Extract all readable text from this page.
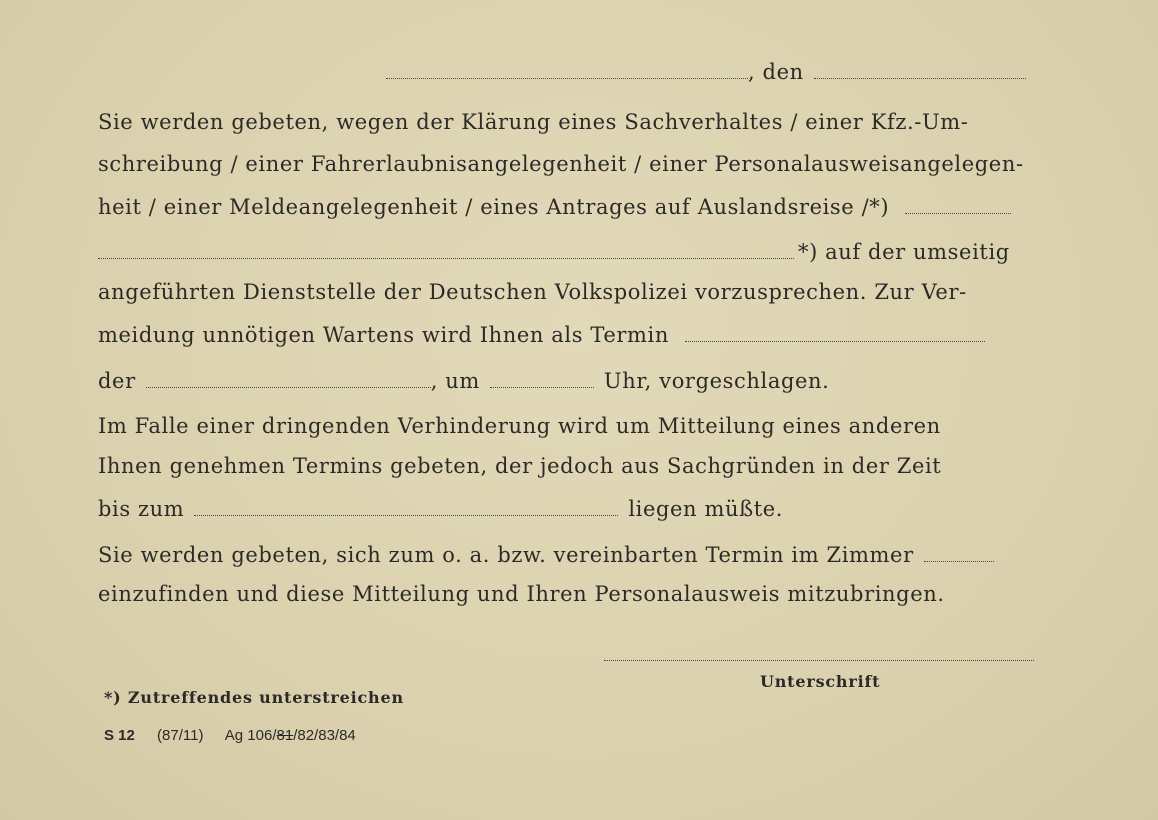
, den
Sie werden gebeten, wegen der Klärung eines Sachverhaltes / einer Kfz.-Um-
schreibung / einer Fahrerlaubnisangelegenheit / einer Personalausweisangelegen-
heit / einer Meldeangelegenheit / eines Antrages auf Auslandsreise /*)
*) auf der umseitig
angeführten Dienststelle der Deutschen Volkspolizei vorzusprechen. Zur Ver-
meidung unnötigen Wartens wird Ihnen als Termin
der	, um	Uhr, vorgeschlagen.
Im Falle einer dringenden Verhinderung wird um Mitteilung eines anderen
Ihnen genehmen Termins gebeten, der jedoch aus Sachgründen in der Zeit
bis zum	liegen müßte.
Sie werden gebeten, sich zum o. a. bzw. vereinbarten Termin im Zimmer
einzufinden und diese Mitteilung und Ihren Personalausweis mitzubringen.
Unterschrift
*) Zutreffendes unterstreichen
S 12 (87/11) Ag 106/81/82/83/84
